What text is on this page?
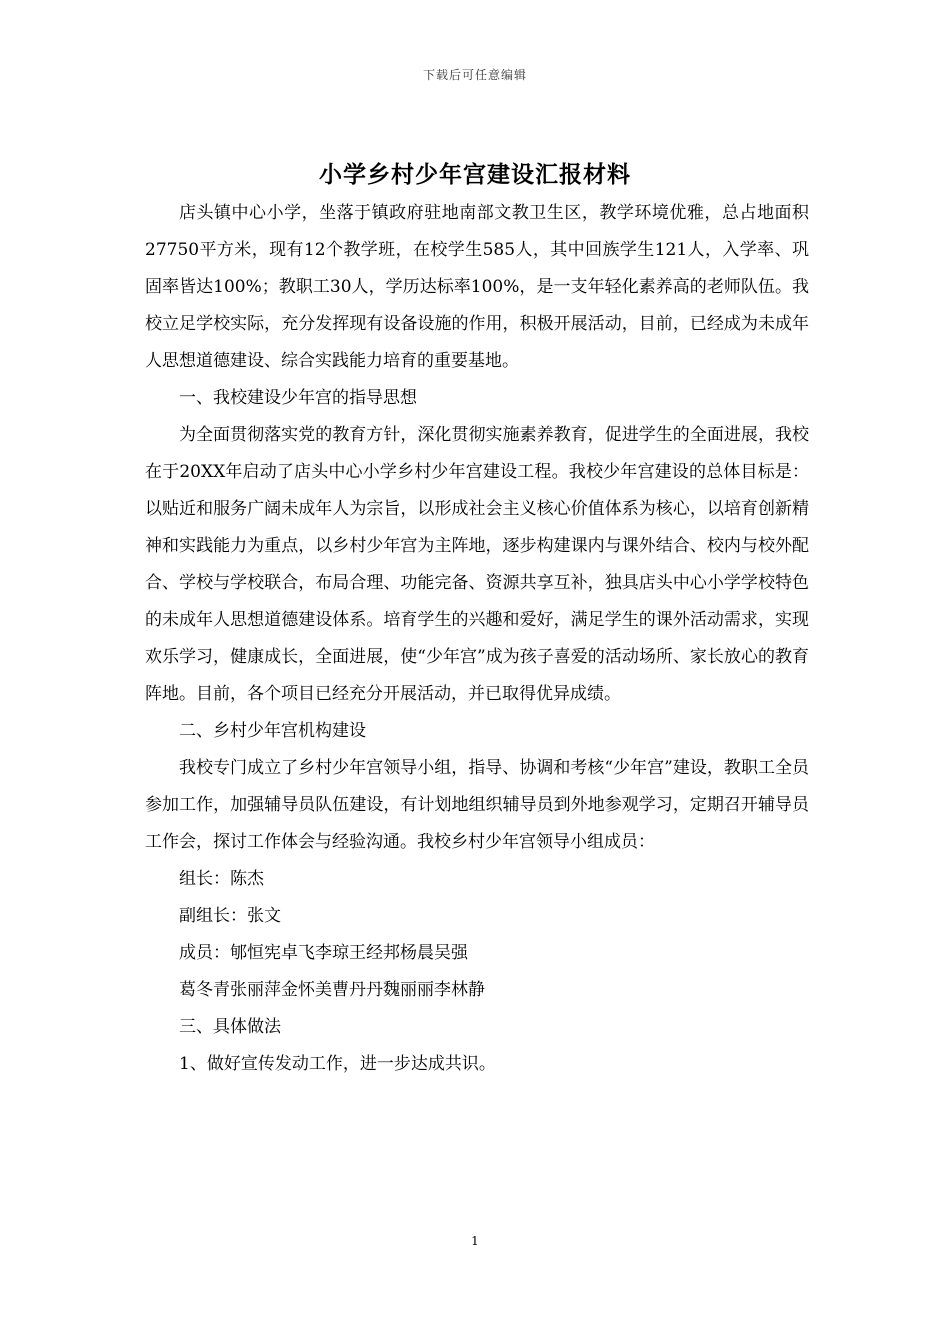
下载后可任意编辑
小学乡村少年宫建设汇报材料

店头镇中心小学，坐落于镇政府驻地南部文教卫生区，教学环境优雅，总占地面积27750平方米，现有12个教学班，在校学生585人，其中回族学生121人，入学率、巩固率皆达100%；教职工30人，学历达标率100%，是一支年轻化素养高的老师队伍。我校立足学校实际，充分发挥现有设备设施的作用，积极开展活动，目前，已经成为未成年人思想道德建设、综合实践能力培育的重要基地。

一、我校建设少年宫的指导思想

为全面贯彻落实党的教育方针，深化贯彻实施素养教育，促进学生的全面进展，我校在于20XX年启动了店头中心小学乡村少年宫建设工程。我校少年宫建设的总体目标是：以贴近和服务广阔未成年人为宗旨，以形成社会主义核心价值体系为核心，以培育创新精神和实践能力为重点，以乡村少年宫为主阵地，逐步构建课内与课外结合、校内与校外配合、学校与学校联合，布局合理、功能完备、资源共享互补，独具店头中心小学学校特色的未成年人思想道德建设体系。培育学生的兴趣和爱好，满足学生的课外活动需求，实现欢乐学习，健康成长，全面进展，使“少年宫”成为孩子喜爱的活动场所、家长放心的教育阵地。目前，各个项目已经充分开展活动，并已取得优异成绩。

二、乡村少年宫机构建设

我校专门成立了乡村少年宫领导小组，指导、协调和考核“少年宫”建设，教职工全员参加工作，加强辅导员队伍建设，有计划地组织辅导员到外地参观学习，定期召开辅导员工作会，探讨工作体会与经验沟通。我校乡村少年宫领导小组成员：

组长：陈杰

副组长：张文

成员：郇恒宪卓飞李琼王经邦杨晨吴强

葛冬青张丽萍金怀美曹丹丹魏丽丽李林静

三、具体做法

1、做好宣传发动工作，进一步达成共识。

1
